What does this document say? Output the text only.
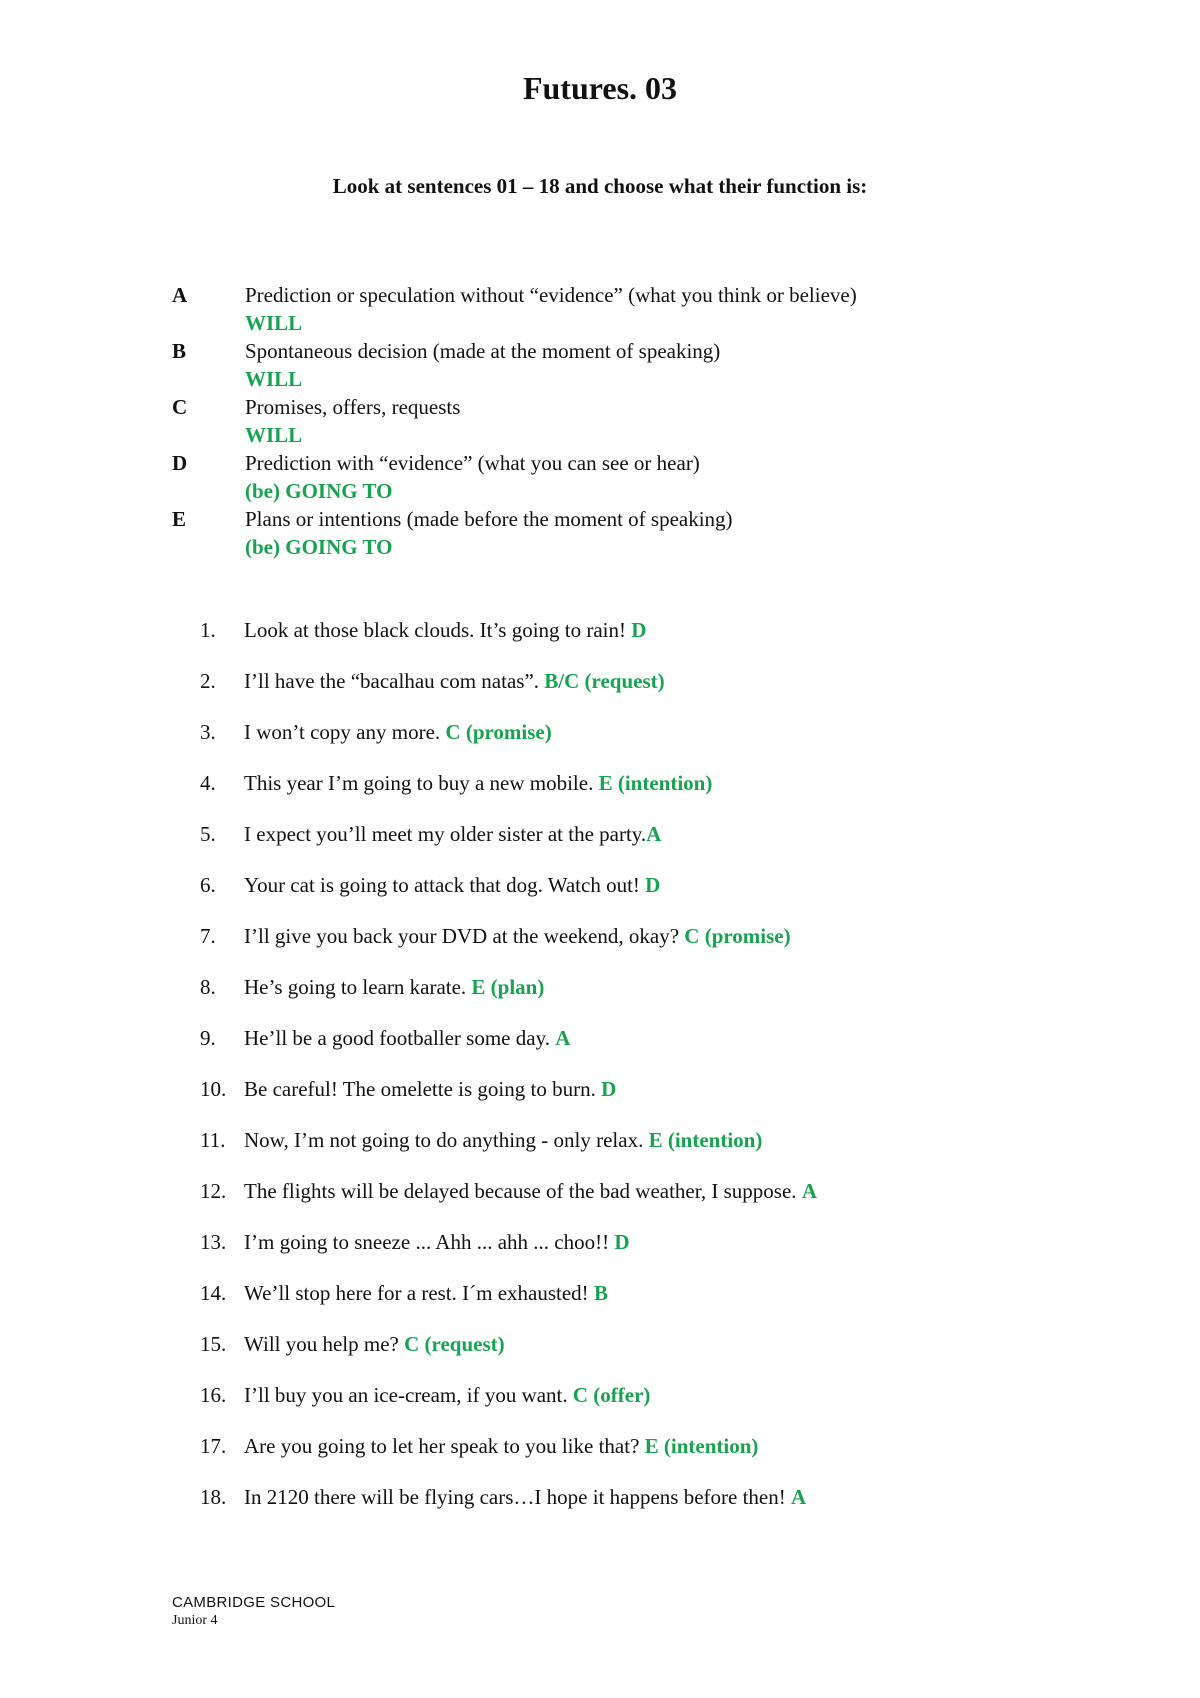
Futures. 03
Look at sentences 01 – 18 and choose what their function is:
A	Prediction or speculation without “evidence” (what you think or believe)
WILL
B	Spontaneous decision (made at the moment of speaking)
WILL
C	Promises, offers, requests
WILL
D	Prediction with “evidence” (what you can see or hear)
(be) GOING TO
E	Plans or intentions (made before the moment of speaking)
(be) GOING TO
1. Look at those black clouds. It’s going to rain! D
2. I’ll have the “bacalhau com natas”. B/C (request)
3. I won’t copy any more. C (promise)
4. This year I’m going to buy a new mobile. E (intention)
5. I expect you’ll meet my older sister at the party.A
6. Your cat is going to attack that dog. Watch out! D
7. I’ll give you back your DVD at the weekend, okay? C (promise)
8. He’s going to learn karate. E (plan)
9. He’ll be a good footballer some day. A
10. Be careful! The omelette is going to burn. D
11. Now, I’m not going to do anything - only relax. E (intention)
12. The flights will be delayed because of the bad weather, I suppose. A
13. I’m going to sneeze ... Ahh ... ahh ... choo!! D
14. We’ll stop here for a rest. I´m exhausted! B
15. Will you help me? C (request)
16. I’ll buy you an ice-cream, if you want. C (offer)
17. Are you going to let her speak to you like that? E (intention)
18. In 2120 there will be flying cars…I hope it happens before then! A
CAMBRIDGE SCHOOL
Junior 4
